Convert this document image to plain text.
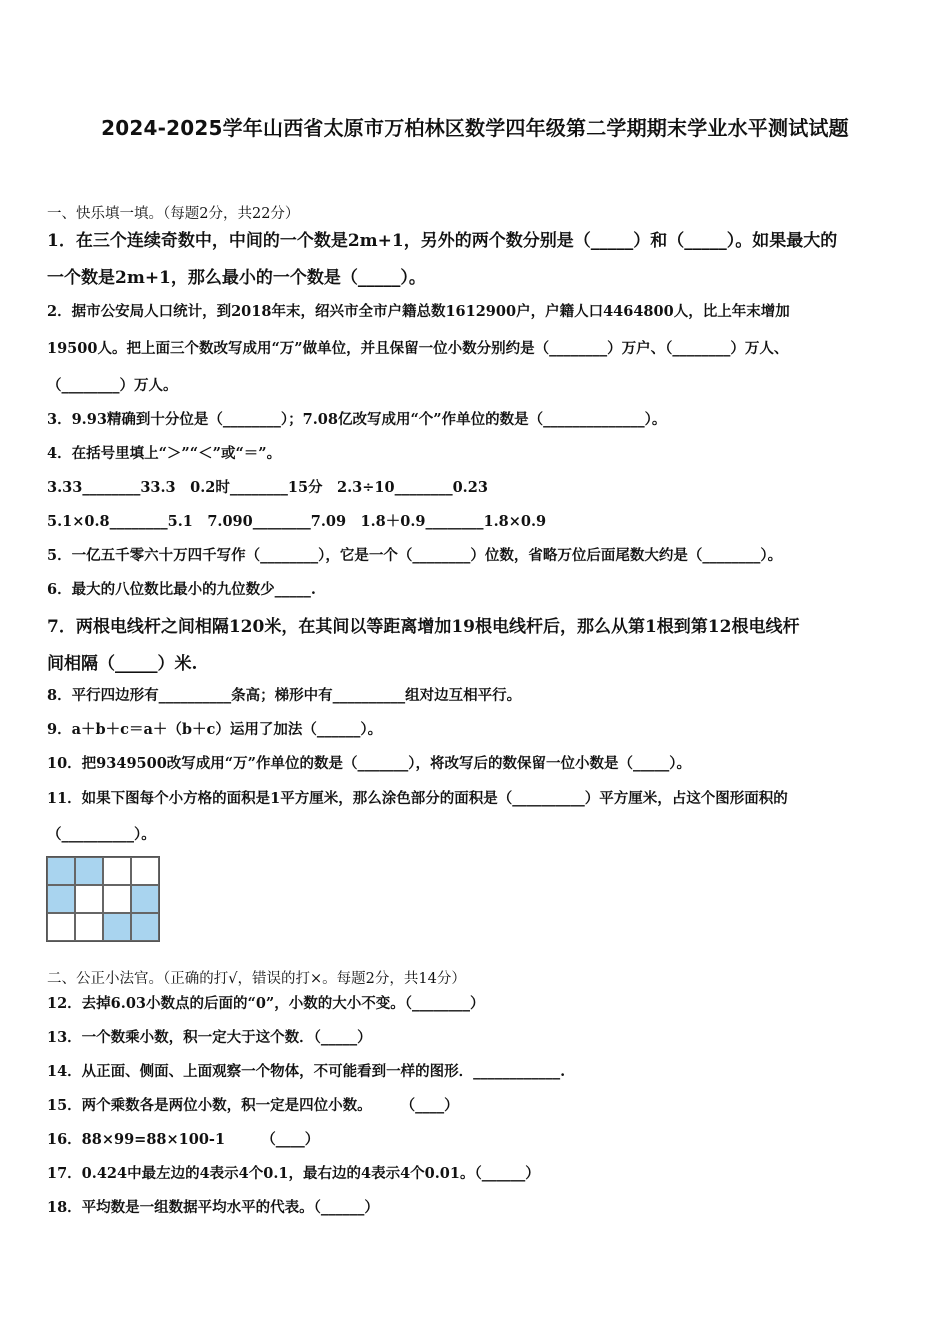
2024-2025学年山西省太原市万柏林区数学四年级第二学期期末学业水平测试试题
一、快乐填一填。（每题2分，共22分）
1．在三个连续奇数中，中间的一个数是2m+1，另外的两个数分别是（_____）和（_____）。如果最大的
一个数是2m+1，那么最小的一个数是（_____）。
2．据市公安局人口统计，到2018年末，绍兴市全市户籍总数1612900户，户籍人口4464800人，比上年末增加
19500人。把上面三个数改写成用“万”做单位，并且保留一位小数分别约是（________）万户、（________）万人、
（________）万人。
3．9.93精确到十分位是（________）；7.08亿改写成用“个”作单位的数是（______________）。
4．在括号里填上“＞”“＜”或“＝”。
3.33________33.3　0.2时________15分　2.3÷10________0.23
5.1×0.8________5.1　7.090________7.09　1.8＋0.9________1.8×0.9
5．一亿五千零六十万四千写作（________），它是一个（________）位数，省略万位后面尾数大约是（________）。
6．最大的八位数比最小的九位数少_____.
7．两根电线杆之间相隔120米，在其间以等距离增加19根电线杆后，那么从第1根到第12根电线杆
间相隔（_____）米.
8．平行四边形有__________条高；梯形中有__________组对边互相平行。
9．a＋b＋c＝a＋（b＋c）运用了加法（______）。
10．把9349500改写成用“万”作单位的数是（_______），将改写后的数保留一位小数是（_____）。
11．如果下图每个小方格的面积是1平方厘米，那么涂色部分的面积是（__________）平方厘米，占这个图形面积的
（__________）。
二、公正小法官。（正确的打√，错误的打×。每题2分，共14分）
12．去掉6.03小数点的后面的“0”，小数的大小不变。（________）
13．一个数乘小数，积一定大于这个数．（_____）
14．从正面、侧面、上面观察一个物体，不可能看到一样的图形．____________.
15．两个乘数各是两位小数，积一定是四位小数。　　　（____）
16．88×99=88×100-1　　　（____）
17．0.424中最左边的4表示4个0.1，最右边的4表示4个0.01。（______）
18．平均数是一组数据平均水平的代表。（______）
